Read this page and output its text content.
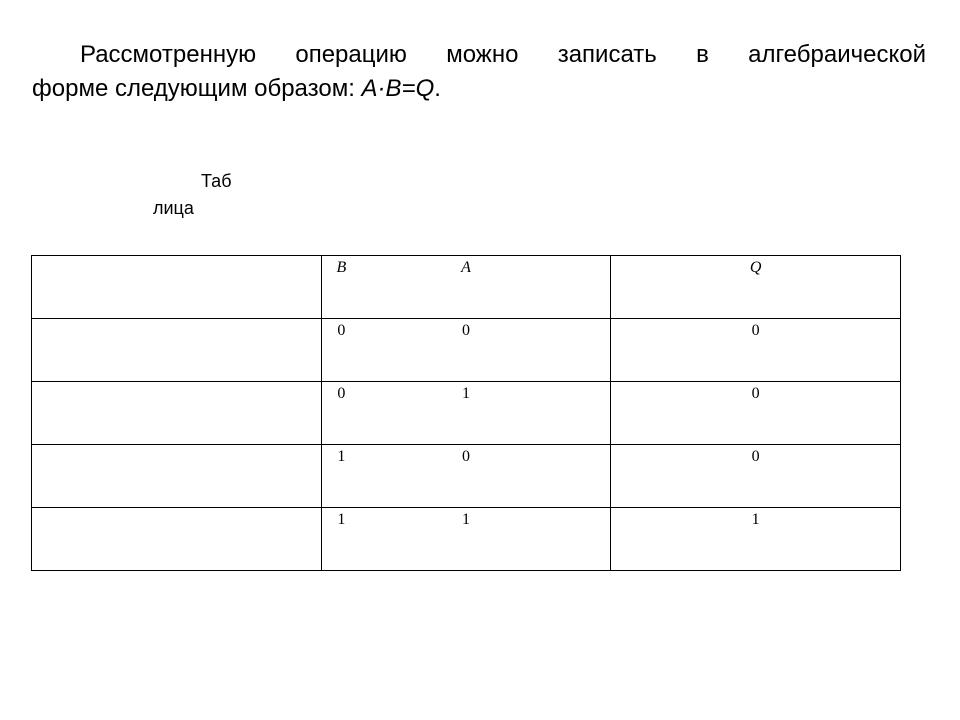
Рассмотренную операцию можно записать в алгебраической
форме следующим образом: A·B=Q.
Таб
лица
B	A	Q
0	0	0
0	1	0
1	0	0
1	1	1
